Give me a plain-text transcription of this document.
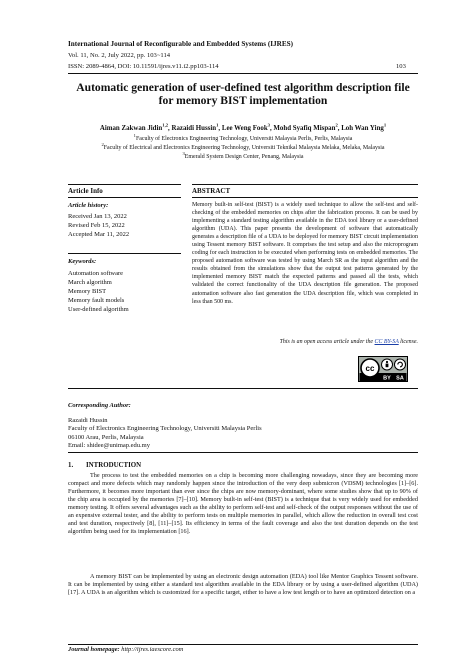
International Journal of Reconfigurable and Embedded Systems (IJRES)
Vol. 11, No. 2, July 2022, pp. 103~114
ISSN: 2089-4864, DOI: 10.11591/ijres.v11.i2.pp103-114	103
Automatic generation of user-defined test algorithm description file for memory BIST implementation
Aiman Zakwan Jidin$^{1,2}$, Razaidi Hussin$^1$, Lee Weng Fook$^3$, Mohd Syafiq Mispan$^2$, Loh Wan Ying$^1$
$^1$Faculty of Electronics Engineering Technology, Universiti Malaysia Perlis, Perlis, Malaysia
$^2$Faculty of Electrical and Electronics Engineering Technology, Universiti Teknikal Malaysia Melaka, Melaka, Malaysia
$^3$Emerald System Design Center, Penang, Malaysia
Article Info
Article history:
Received Jan 13, 2022
Revised Feb 15, 2022
Accepted Mar 11, 2022
Keywords:
Automation software
March algorithm
Memory BIST
Memory fault models
User-defined algorithm
ABSTRACT
Memory built-in self-test (BIST) is a widely used technique to allow the self-test and self-checking of the embedded memories on chips after the fabrication process. It can be used by implementing a standard testing algorithm available in the EDA tool library or a user-defined algorithm (UDA). This paper presents the development of software that automatically generates a description file of a UDA to be deployed for memory BIST circuit implementation using Tessent memory BIST software. It comprises the test setup and also the microprogram coding for each instruction to be executed when performing tests on embedded memories. The proposed automation software was tested by using March SR as the input algorithm and the results obtained from the simulations show that the output test patterns generated by the implemented memory BIST match the expected patterns and passed all the tests, which validated the correct functionality of the UDA description file generation. The proposed automation software also fast generation the UDA description file, which was completed in less than 500 ms.
This is an open access article under the CC BY-SA license.
cc
BY SA
Corresponding Author:
Razaidi Hussin
Faculty of Electronics Engineering Technology, Universiti Malaysia Perlis
06100 Arau, Perlis, Malaysia
Email: shidee@unimap.edu.my
1. INTRODUCTION
The process to test the embedded memories on a chip is becoming more challenging nowadays, since they are becoming more compact and more defects which may randomly happen since the introduction of the very deep submicron (VDSM) technologies [1]–[6]. Furthermore, it becomes more important than ever since the chips are now memory-dominant, where some studies show that up to 90% of the chip area is occupied by the memories [7]–[10]. Memory built-in self-test (BIST) is a technique that is very widely used for embedded memory testing. It offers several advantages such as the ability to perform self-test and self-check of the output responses without the use of an expensive external tester, and the ability to perform tests on multiple memories in parallel, which allow the reduction in overall test cost and test duration, respectively [8], [11]–[15]. Its efficiency in terms of the fault coverage and also the test duration depends on the test algorithm being used for its implementation [16].
A memory BIST can be implemented by using an electronic design automation (EDA) tool like Mentor Graphics Tessent software. It can be implemented by using either a standard test algorithm available in the EDA library or by using a user-defined algorithm (UDA) [17]. A UDA is an algorithm which is customized for a specific target, either to have a low test length or to have an optimized detection on a
Journal homepage: http://ijres.iaescore.com
